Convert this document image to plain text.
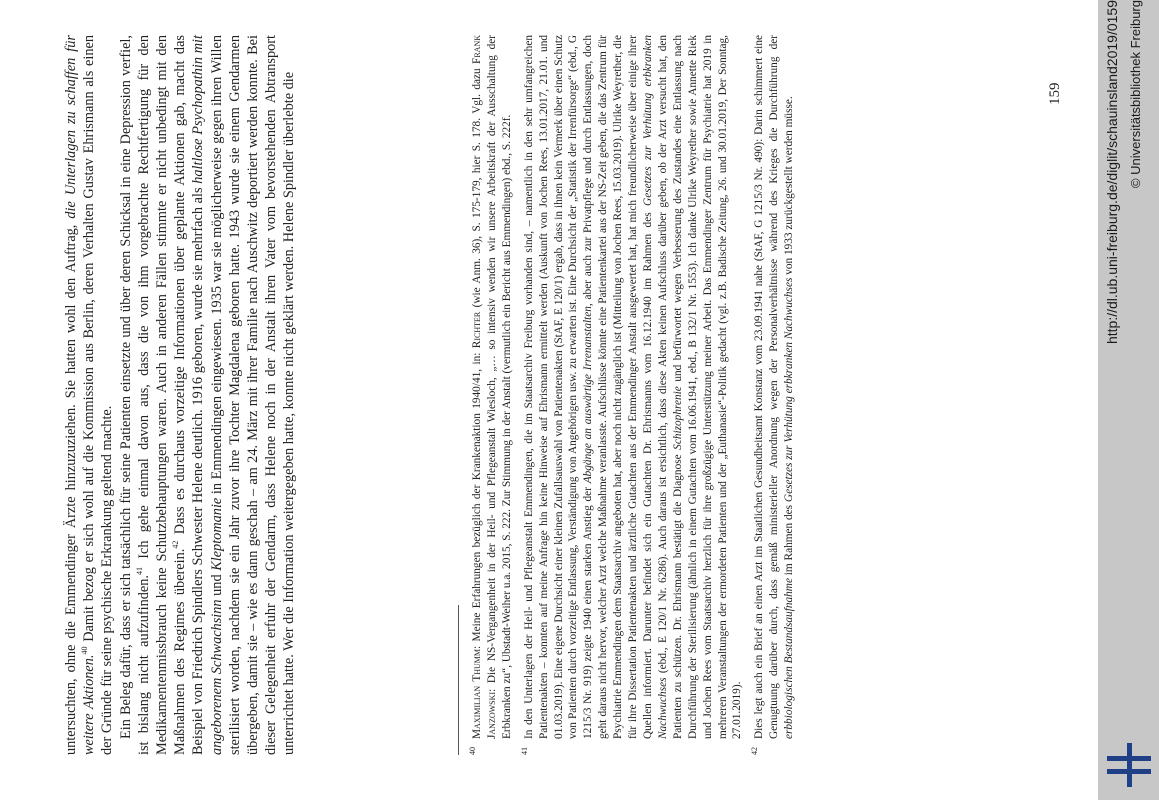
untersuchten, ohne die Emmendinger Ärzte hinzuzuziehen. Sie hatten wohl den Auftrag, die Unterlagen zu schaffen für weitere Aktionen.$^{40}$ Damit bezog er sich wohl auf die Kommission aus Berlin, deren Verhalten Gustav Ehrismann als einen der Gründe für seine psychische Erkrankung geltend machte. Ein Beleg dafür, dass er sich tatsächlich für seine Patienten einsetzte und über deren Schicksal in eine Depression verfiel, ist bislang nicht aufzufinden.$^{41}$ Ich gehe einmal davon aus, dass die von ihm vorgebrachte Rechtfertigung für den Medikamentenmissbrauch keine Schutzbehauptungen waren. Auch in anderen Fällen stimmte er nicht unbedingt mit den Maßnahmen des Regimes überein.$^{42}$ Dass es durchaus vorzeitige Informationen über geplante Aktionen gab, macht das Beispiel von Friedrich Spindlers Schwester Helene deutlich. 1916 geboren, wurde sie mehrfach als haltlose Psychopathin mit angeborenem Schwachsinn und Kleptomanie in Emmendingen eingewiesen. 1935 war sie möglicherweise gegen ihren Willen sterilisiert worden, nachdem sie ein Jahr zuvor ihre Tochter Magdalena geboren hatte. 1943 wurde sie einem Gendarmen übergeben, damit sie – wie es dann geschah – am 24. März mit ihrer Familie nach Auschwitz deportiert werden konnte. Bei dieser Gelegenheit erfuhr der Gendarm, dass Helene noch in der Anstalt ihren Vater vom bevorstehenden Abtransport unterrichtet hatte. Wer die Information weitergegeben hatte, konnte nicht geklärt werden. Helene Spindler überlebte die	40

Maximilian Thumm: Meine Erfahrungen bezüglich der Krankenaktion 1940/41, in: Richter (wie Anm. 36), S. 175-179, hier S. 178. Vgl. dazu Frank Janzowski: Die NS-Vergangenheit in der Heil- und Pflegeanstalt Wiesloch, „… so intensiv wenden wir unsere Arbeitskraft der Ausschaltung der Erbkranken zu“, Ubstadt-Weiher u.a. 2015, S. 222. Zur Stimmung in der Anstalt (vermutlich ein Bericht aus Emmendingen) ebd., S. 222f.

41

In den Unterlagen der Heil- und Pflegeanstalt Emmendingen, die im Staatsarchiv Freiburg vorhanden sind, – namentlich in den sehr umfangreichen Patientenakten – konnten auf meine Anfrage hin keine Hinweise auf Ehrismann ermittelt werden (Auskunft von Jochen Rees, 13.01.2017, 21.01. und 01.03.2019). Eine eigene Durchsicht einer kleinen Zufallsauswahl von Patientenakten (StAF, E 120/1) ergab, dass in ihnen kein Vermerk über einen Schutz von Patienten durch vorzeitige Entlassung, Verständigung von Angehörigen usw. zu erwarten ist. Eine Durchsicht der „Statistik der Irrenfürsorge“ (ebd., G 1215/3 Nr. 919) zeigte 1940 einen starken Anstieg der Abgänge an auswärtige Irrenanstalten, aber auch zur Privatpflege und durch Entlassungen, doch geht daraus nicht hervor, welcher Arzt welche Maßnahme veranlasste. Aufschlüsse könnte eine Patientenkartei aus der NS-Zeit geben, die das Zentrum für Psychiatrie Emmendingen dem Staatsarchiv angeboten hat, aber noch nicht zugänglich ist (Mitteilung von Jochen Rees, 15.03.2019). Ulrike Weyrether, die für ihre Dissertation Patientenakten und ärztliche Gutachten aus der Emmendinger Anstalt ausgewertet hat, hat mich freundlicherweise über einige ihrer Quellen informiert. Darunter befindet sich ein Gutachten Dr. Ehrismanns vom 16.12.1940 im Rahmen des Gesetzes zur Verhütung erbkranken Nachwuchses (ebd., E 120/1 Nr. 6286). Auch daraus ist ersichtlich, dass diese Akten keinen Aufschluss darüber geben, ob der Arzt versucht hat, den Patienten zu schützen. Dr. Ehrismann bestätigt die Diagnose Schizophrenie und befürwortet wegen Verbesserung des Zustandes eine Entlassung nach Durchführung der Sterilisierung (ähnlich in einem Gutachten vom 16.06.1941, ebd., B 132/1 Nr. 1553). Ich danke Ulrike Weyrether sowie Annette Riek und Jochen Rees vom Staatsarchiv herzlich für ihre großzügige Unterstützung meiner Arbeit. Das Emmendinger Zentrum für Psychiatrie hat 2019 in mehreren Veranstaltungen der ermordeten Patienten und der „Euthanasie“-Politik gedacht (vgl. z.B. Badische Zeitung, 26. und 30.01.2019, Der Sonntag, 27.01.2019).

42

Dies legt auch ein Brief an einen Arzt im Staatlichen Gesundheitsamt Konstanz vom 23.09.1941 nahe (StAF, G 1215/3 Nr. 490): Darin schimmert eine Genugtuung darüber durch, dass gemäß ministerieller Anordnung wegen der Personalverhältnisse während des Krieges die Durchführung der erbbiologischen Bestandsaufnahme im Rahmen des Gesetzes zur Verhütung erbkranken Nachwuchses von 1933 zurückgestellt werden müsse.

159	http://dl.ub.uni-freiburg.de/diglit/schauinsland2019/0159 © Universitätsbibliothek Freiburg
